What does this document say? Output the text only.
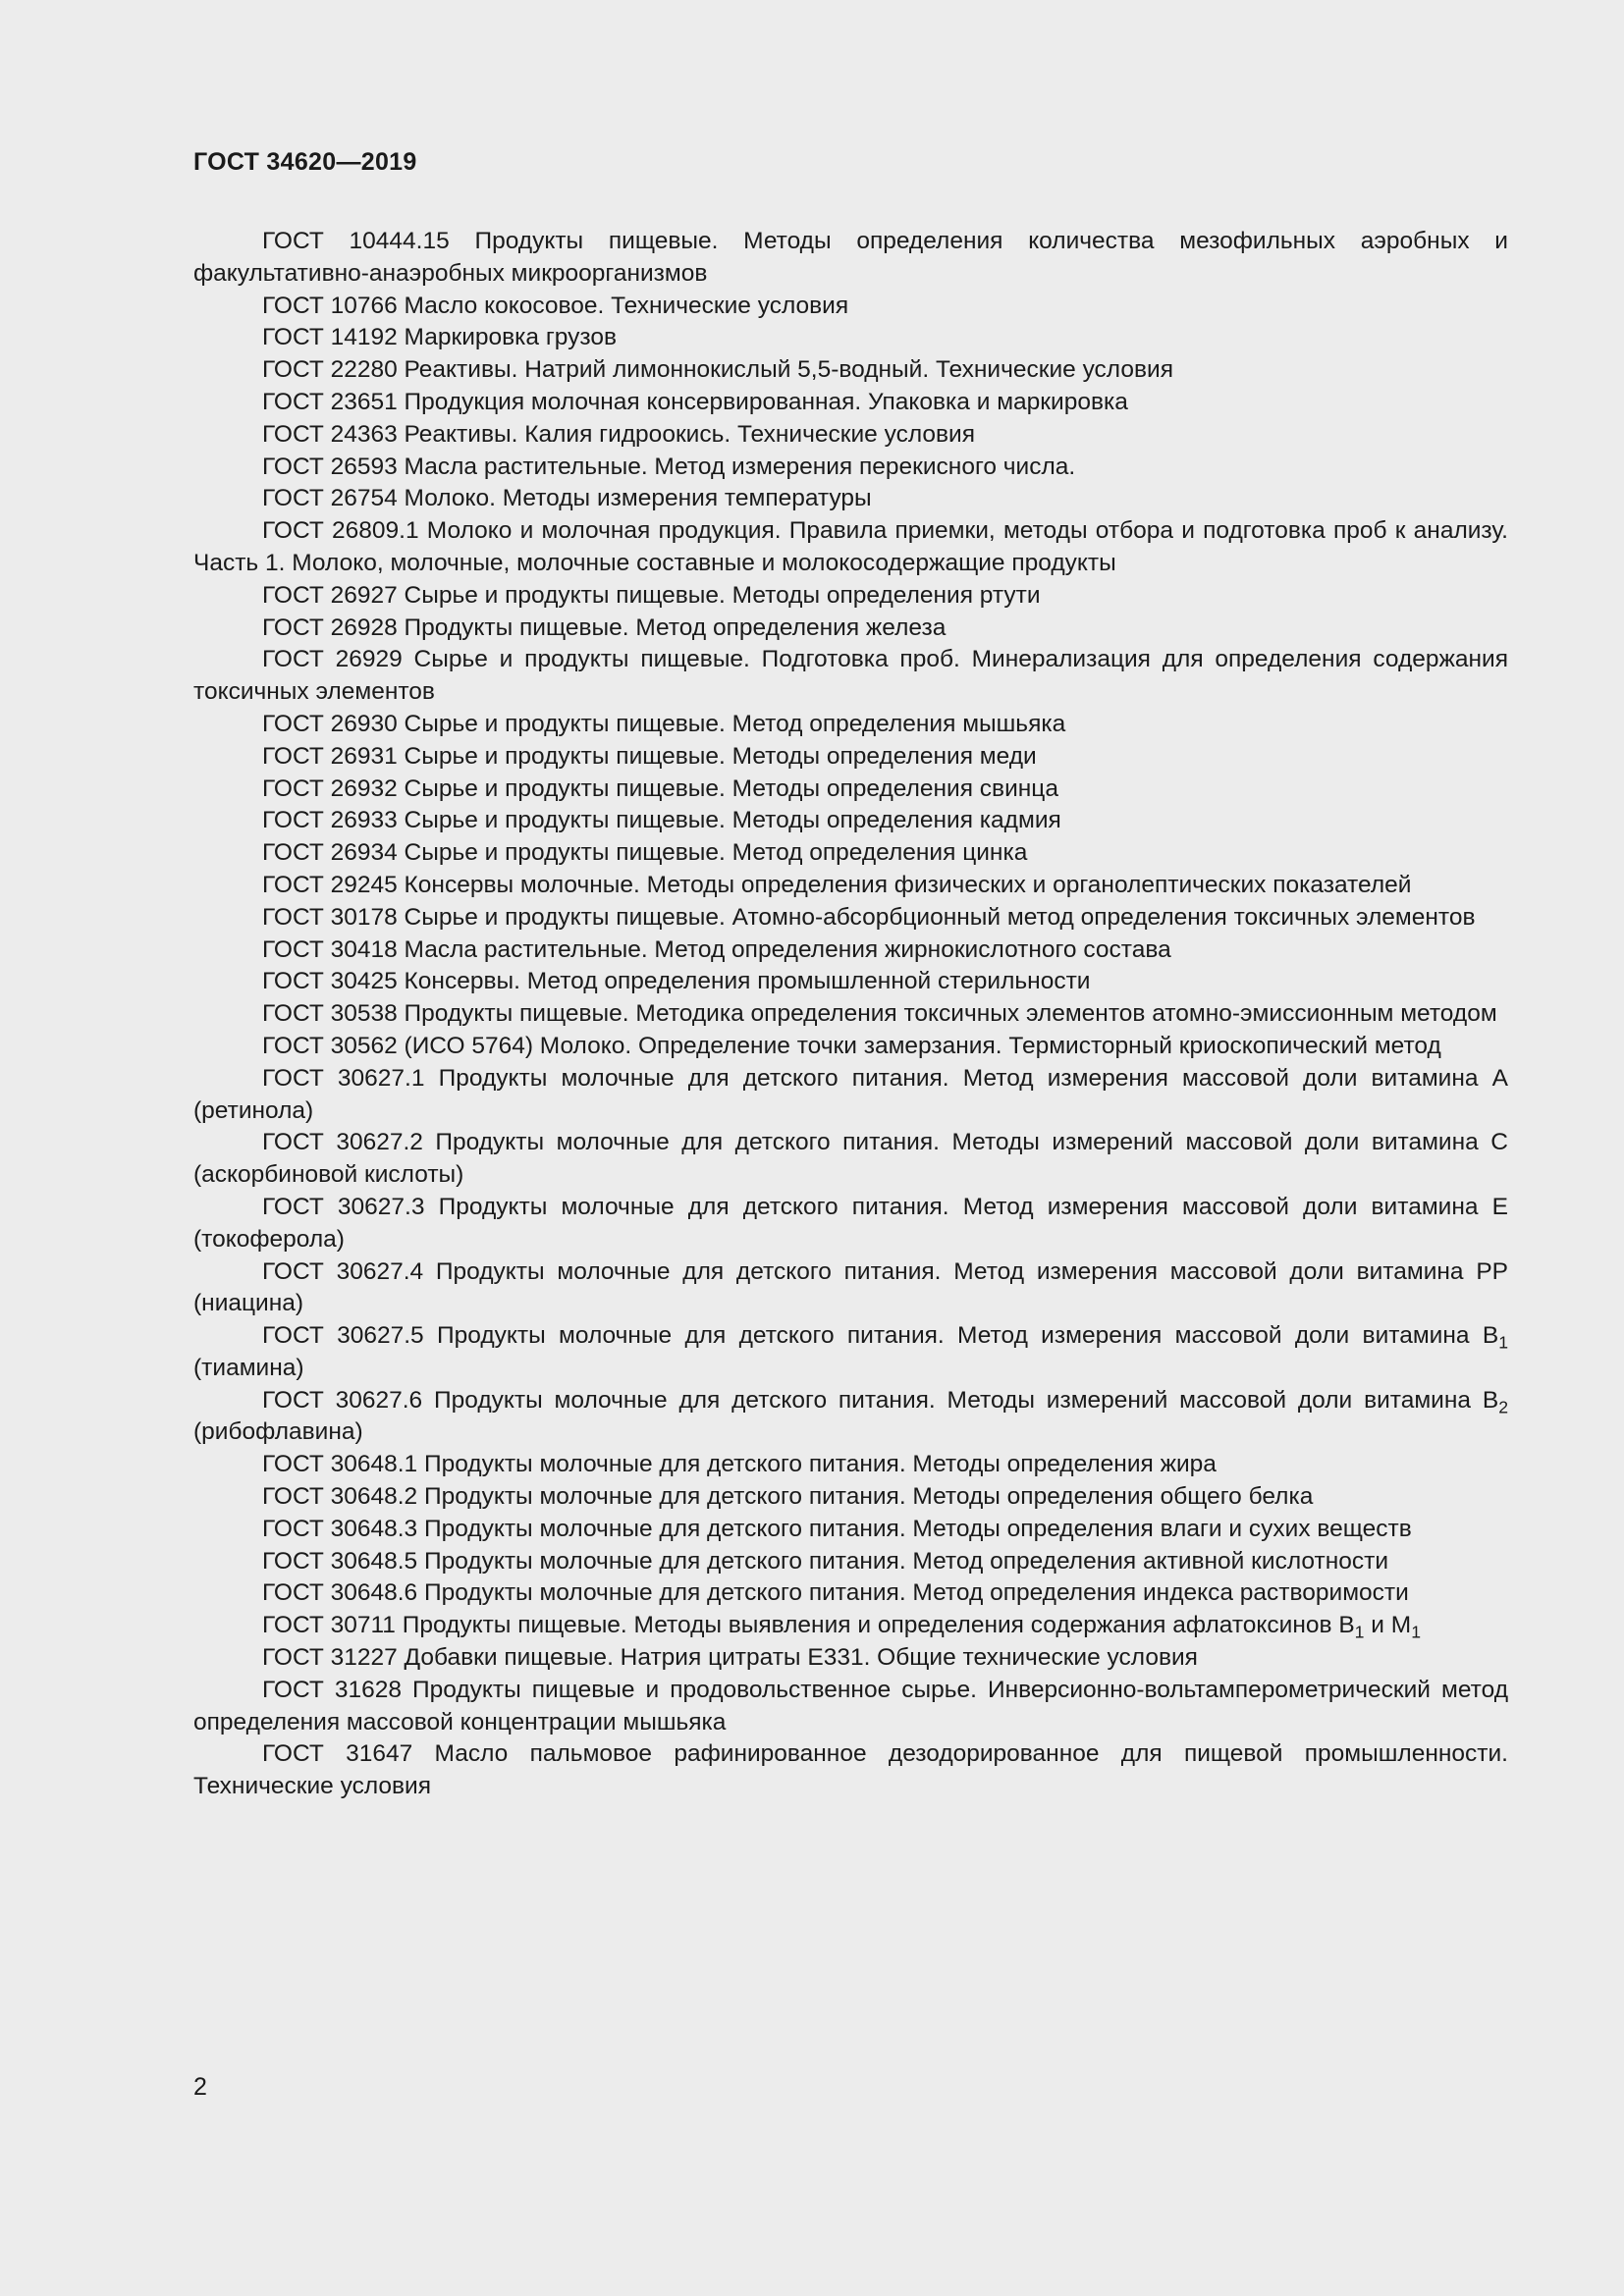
ГОСТ 34620—2019

ГОСТ 10444.15 Продукты пищевые. Методы определения количества мезофильных аэробных и факультативно-анаэробных микроорганизмов

ГОСТ 10766 Масло кокосовое. Технические условия

ГОСТ 14192 Маркировка грузов

ГОСТ 22280 Реактивы. Натрий лимоннокислый 5,5-водный. Технические условия

ГОСТ 23651 Продукция молочная консервированная. Упаковка и маркировка

ГОСТ 24363 Реактивы. Калия гидроокись. Технические условия

ГОСТ 26593 Масла растительные. Метод измерения перекисного числа.

ГОСТ 26754 Молоко. Методы измерения температуры

ГОСТ 26809.1 Молоко и молочная продукция. Правила приемки, методы отбора и подготовка проб к анализу. Часть 1. Молоко, молочные, молочные составные и молокосодержащие продукты

ГОСТ 26927 Сырье и продукты пищевые. Методы определения ртути

ГОСТ 26928 Продукты пищевые. Метод определения железа

ГОСТ 26929 Сырье и продукты пищевые. Подготовка проб. Минерализация для определения содержания токсичных элементов

ГОСТ 26930 Сырье и продукты пищевые. Метод определения мышьяка

ГОСТ 26931 Сырье и продукты пищевые. Методы определения меди

ГОСТ 26932 Сырье и продукты пищевые. Методы определения свинца

ГОСТ 26933 Сырье и продукты пищевые. Методы определения кадмия

ГОСТ 26934 Сырье и продукты пищевые. Метод определения цинка

ГОСТ 29245 Консервы молочные. Методы определения физических и органолептических показателей

ГОСТ 30178 Сырье и продукты пищевые. Атомно-абсорбционный метод определения токсичных элементов

ГОСТ 30418 Масла растительные. Метод определения жирнокислотного состава

ГОСТ 30425 Консервы. Метод определения промышленной стерильности

ГОСТ 30538 Продукты пищевые. Методика определения токсичных элементов атомно-эмиссионным методом

ГОСТ 30562 (ИСО 5764) Молоко. Определение точки замерзания. Термисторный криоскопический метод

ГОСТ 30627.1 Продукты молочные для детского питания. Метод измерения массовой доли витамина А (ретинола)

ГОСТ 30627.2 Продукты молочные для детского питания. Методы измерений массовой доли витамина С (аскорбиновой кислоты)

ГОСТ 30627.3 Продукты молочные для детского питания. Метод измерения массовой доли витамина Е (токоферола)

ГОСТ 30627.4 Продукты молочные для детского питания. Метод измерения массовой доли витамина РР (ниацина)

ГОСТ 30627.5 Продукты молочные для детского питания. Метод измерения массовой доли витамина $В_1$ (тиамина)

ГОСТ 30627.6 Продукты молочные для детского питания. Методы измерений массовой доли витамина $В_2$ (рибофлавина)

ГОСТ 30648.1 Продукты молочные для детского питания. Методы определения жира

ГОСТ 30648.2 Продукты молочные для детского питания. Методы определения общего белка

ГОСТ 30648.3 Продукты молочные для детского питания. Методы определения влаги и сухих веществ

ГОСТ 30648.5 Продукты молочные для детского питания. Метод определения активной кислотности

ГОСТ 30648.6 Продукты молочные для детского питания. Метод определения индекса растворимости

ГОСТ 30711 Продукты пищевые. Методы выявления и определения содержания афлатоксинов $В_1$ и $М_1$

ГОСТ 31227 Добавки пищевые. Натрия цитраты Е331. Общие технические условия

ГОСТ 31628 Продукты пищевые и продовольственное сырье. Инверсионно-вольтамперометрический метод определения массовой концентрации мышьяка

ГОСТ 31647 Масло пальмовое рафинированное дезодорированное для пищевой промышленности. Технические условия

2
